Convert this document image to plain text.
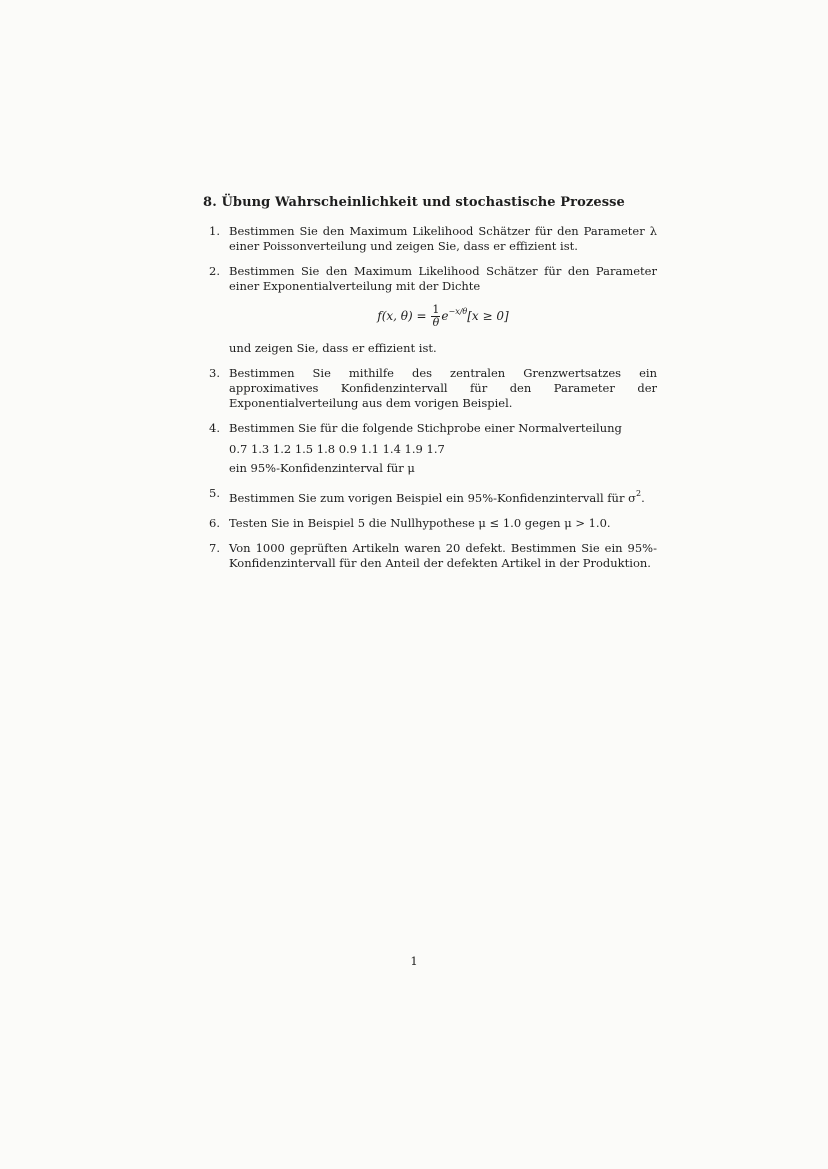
8. Übung Wahrscheinlichkeit und stochastische Prozesse
1. Bestimmen Sie den Maximum Likelihood Schätzer für den Parameter λ einer Poissonverteilung und zeigen Sie, dass er effizient ist.
2. Bestimmen Sie den Maximum Likelihood Schätzer für den Parameter einer Exponentialverteilung mit der Dichte
f(x, $\theta) = \frac{1}{\theta} e^{-x/\theta}[x \ge 0]$
und zeigen Sie, dass er effizient ist.
3. Bestimmen Sie mithilfe des zentralen Grenzwertsatzes ein approximatives Konfidenzintervall für den Parameter der Exponentialverteilung aus dem vorigen Beispiel.
4. Bestimmen Sie für die folgende Stichprobe einer Normalverteilung
0.7 1.3 1.2 1.5 1.8 0.9 1.1 1.4 1.9 1.7
ein 95%-Konfidenzinterval für μ
5. Bestimmen Sie zum vorigen Beispiel ein 95%-Konfidenzintervall für $\sigma^2$.
6. Testen Sie in Beispiel 5 die Nullhypothese μ ≤ 1.0 gegen μ > 1.0.
7. Von 1000 geprüften Artikeln waren 20 defekt. Bestimmen Sie ein 95%-Konfidenzintervall für den Anteil der defekten Artikel in der Produktion.
1
